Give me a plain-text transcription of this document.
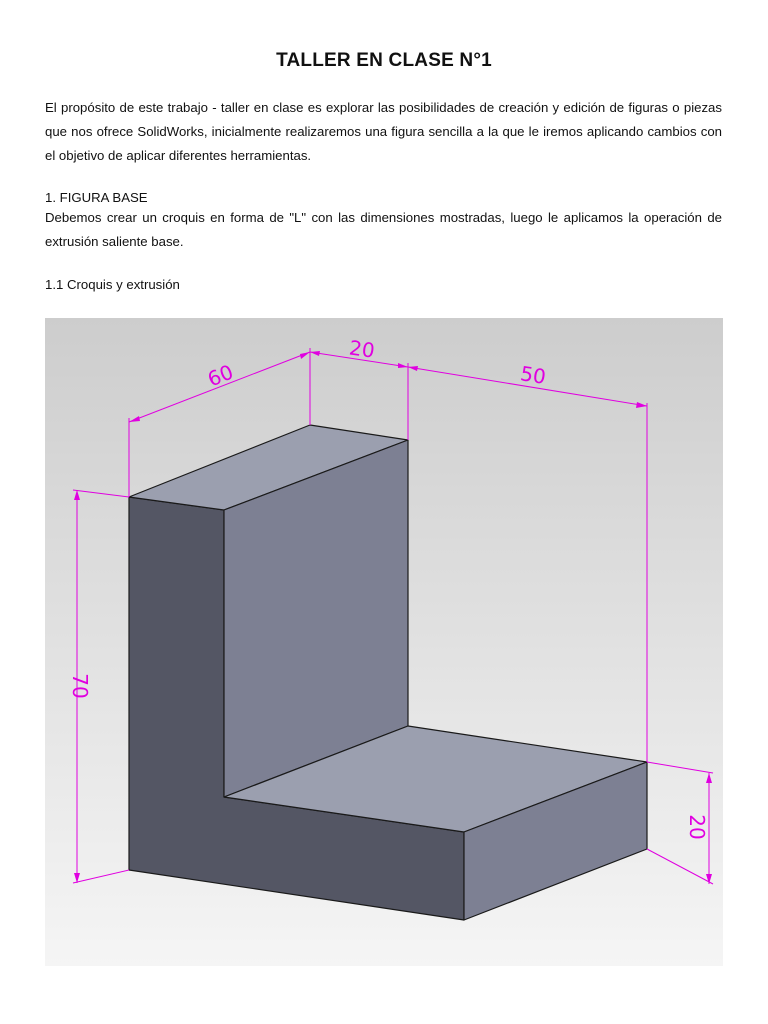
TALLER EN CLASE N°1
El propósito de este trabajo - taller en clase es explorar las posibilidades de creación y edición de figuras o piezas que nos ofrece SolidWorks, inicialmente realizaremos una figura sencilla a la que le iremos aplicando cambios con el objetivo de aplicar diferentes herramientas.
1. FIGURA BASE
Debemos crear un croquis en forma de "L" con las dimensiones mostradas, luego le aplicamos la operación de extrusión saliente base.
1.1 Croquis y extrusión
60
20
50
70
20
